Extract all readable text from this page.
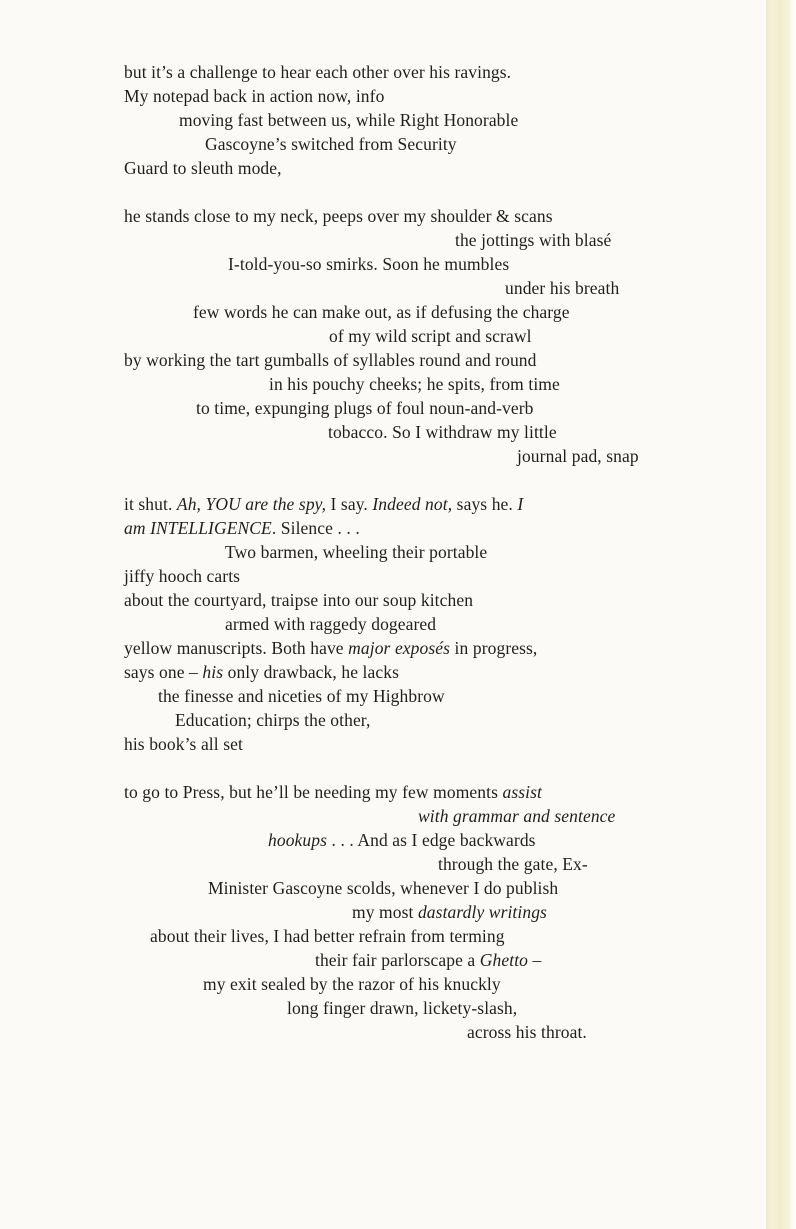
but it’s a challenge to hear each other over his ravings.
My notepad back in action now, info
moving fast between us, while Right Honorable
Gascoyne’s switched from Security
Guard to sleuth mode,
he stands close to my neck, peeps over my shoulder & scans
the jottings with blasé
I-told-you-so smirks. Soon he mumbles
under his breath
few words he can make out, as if defusing the charge
of my wild script and scrawl
by working the tart gumballs of syllables round and round
in his pouchy cheeks; he spits, from time
to time, expunging plugs of foul noun-and-verb
tobacco. So I withdraw my little
journal pad, snap
it shut. Ah, YOU are the spy, I say. Indeed not, says he. I
am INTELLIGENCE. Silence . . .
Two barmen, wheeling their portable
jiffy hooch carts
about the courtyard, traipse into our soup kitchen
armed with raggedy dogeared
yellow manuscripts. Both have major exposés in progress,
says one – his only drawback, he lacks
the finesse and niceties of my Highbrow
Education; chirps the other,
his book’s all set
to go to Press, but he’ll be needing my few moments assist
with grammar and sentence
hookups . . . And as I edge backwards
through the gate, Ex-
Minister Gascoyne scolds, whenever I do publish
my most dastardly writings
about their lives, I had better refrain from terming
their fair parlorscape a Ghetto –
my exit sealed by the razor of his knuckly
long finger drawn, lickety-slash,
across his throat.
